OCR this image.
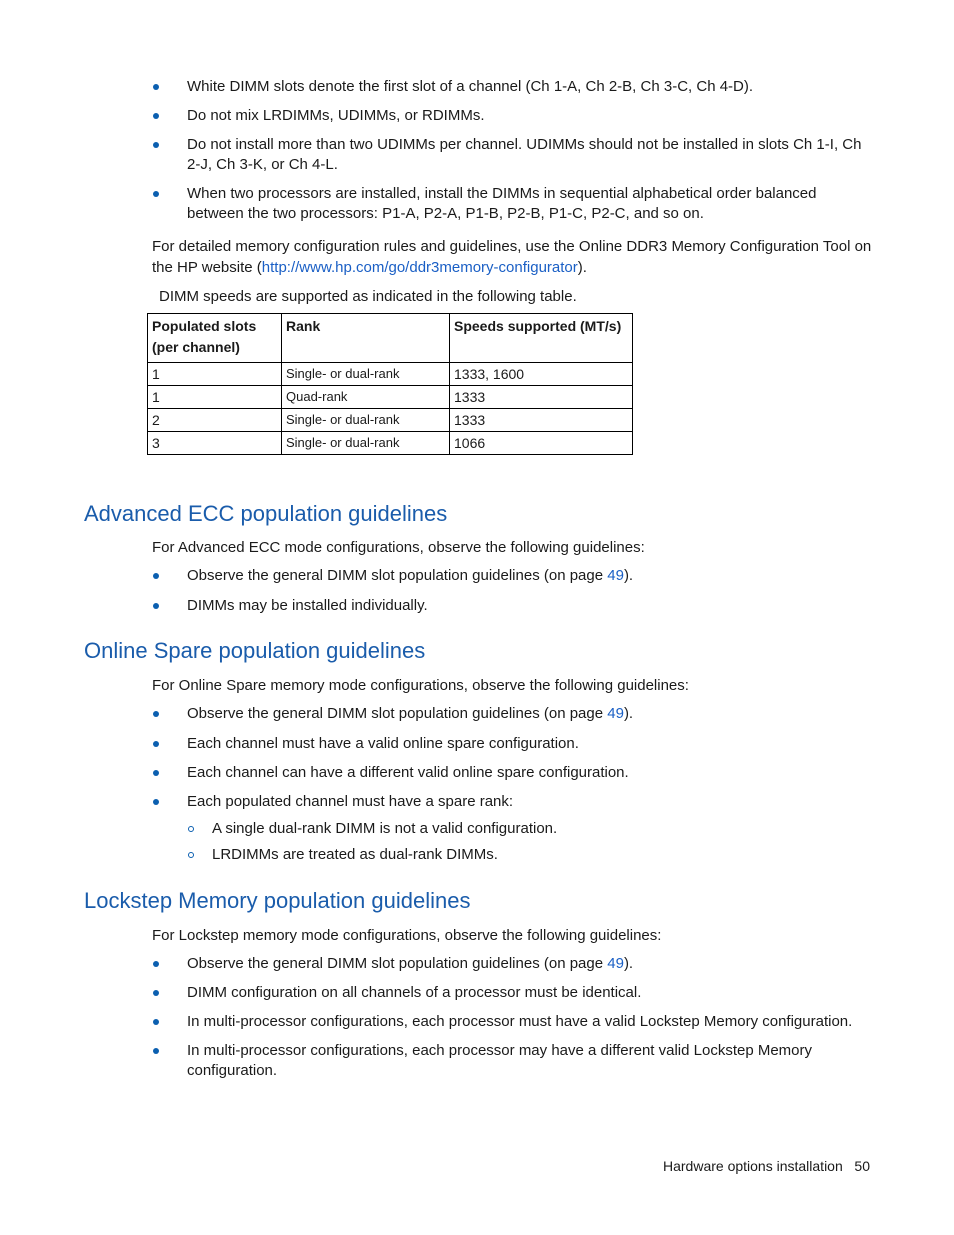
White DIMM slots denote the first slot of a channel (Ch 1-A, Ch 2-B, Ch 3-C, Ch 4-D).
Do not mix LRDIMMs, UDIMMs, or RDIMMs.
Do not install more than two UDIMMs per channel. UDIMMs should not be installed in slots Ch 1-I, Ch 2-J, Ch 3-K, or Ch 4-L.
When two processors are installed, install the DIMMs in sequential alphabetical order balanced between the two processors: P1-A, P2-A, P1-B, P2-B, P1-C, P2-C, and so on.

For detailed memory configuration rules and guidelines, use the Online DDR3 Memory Configuration Tool on the HP website (http://www.hp.com/go/ddr3memory-configurator).

DIMM speeds are supported as indicated in the following table.

Populated slots (per channel)	Rank	Speeds supported (MT/s)
1	Single- or dual-rank	1333, 1600
1	Quad-rank	1333
2	Single- or dual-rank	1333
3	Single- or dual-rank	1066
Advanced ECC population guidelines

For Advanced ECC mode configurations, observe the following guidelines:

Observe the general DIMM slot population guidelines (on page 49).
DIMMs may be installed individually.
Online Spare population guidelines

For Online Spare memory mode configurations, observe the following guidelines:

Observe the general DIMM slot population guidelines (on page 49).
Each channel must have a valid online spare configuration.
Each channel can have a different valid online spare configuration.
Each populated channel must have a spare rank:
A single dual-rank DIMM is not a valid configuration.
LRDIMMs are treated as dual-rank DIMMs.
Lockstep Memory population guidelines

For Lockstep memory mode configurations, observe the following guidelines:

Observe the general DIMM slot population guidelines (on page 49).
DIMM configuration on all channels of a processor must be identical.
In multi-processor configurations, each processor must have a valid Lockstep Memory configuration.
In multi-processor configurations, each processor may have a different valid Lockstep Memory configuration.
Hardware options installation 50
